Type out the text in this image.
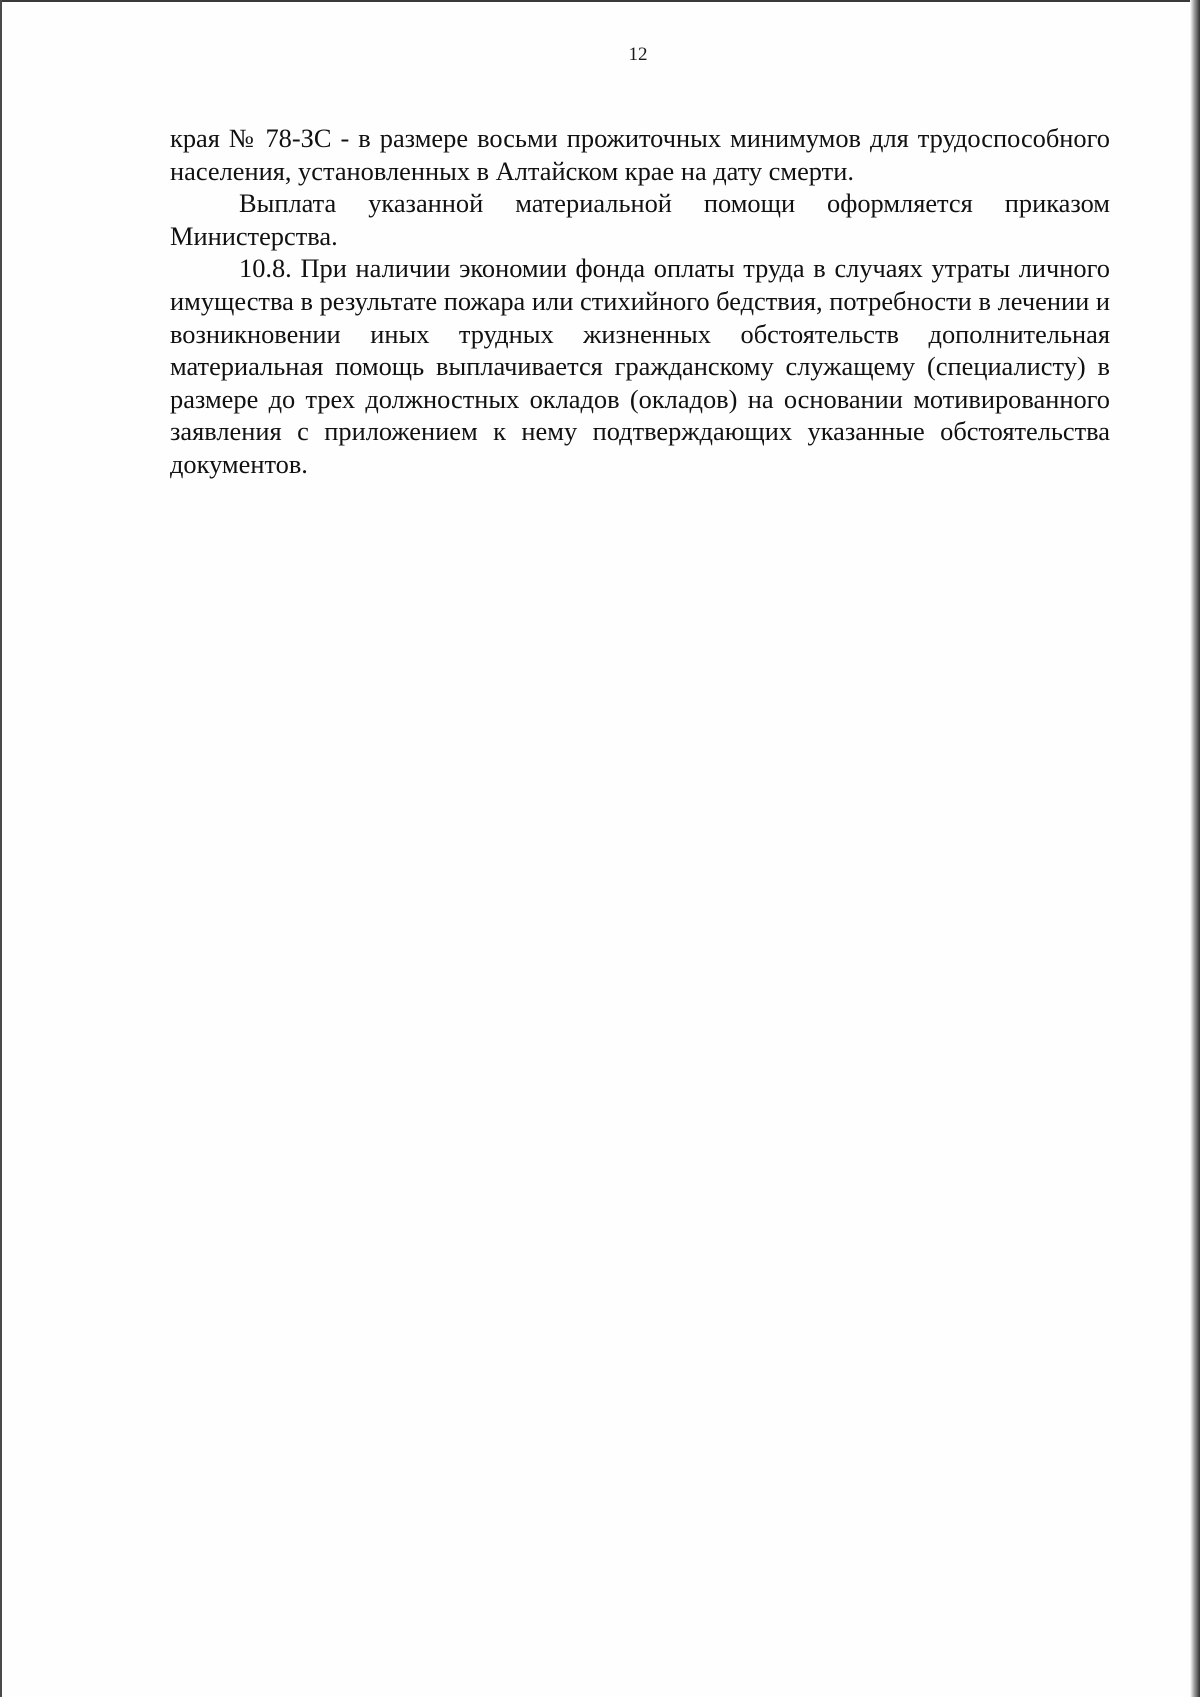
12

края № 78-ЗС - в размере восьми прожиточных минимумов для трудоспособного населения, установленных в Алтайском крае на дату смерти.

Выплата указанной материальной помощи оформляется приказом Министерства.

10.8. При наличии экономии фонда оплаты труда в случаях утраты личного имущества в результате пожара или стихийного бедствия, потребности в лечении и возникновении иных трудных жизненных обстоятельств дополнительная материальная помощь выплачивается гражданскому служащему (специалисту) в размере до трех должностных окладов (окладов) на основании мотивированного заявления с приложением к нему подтверждающих указанные обстоятельства документов.
